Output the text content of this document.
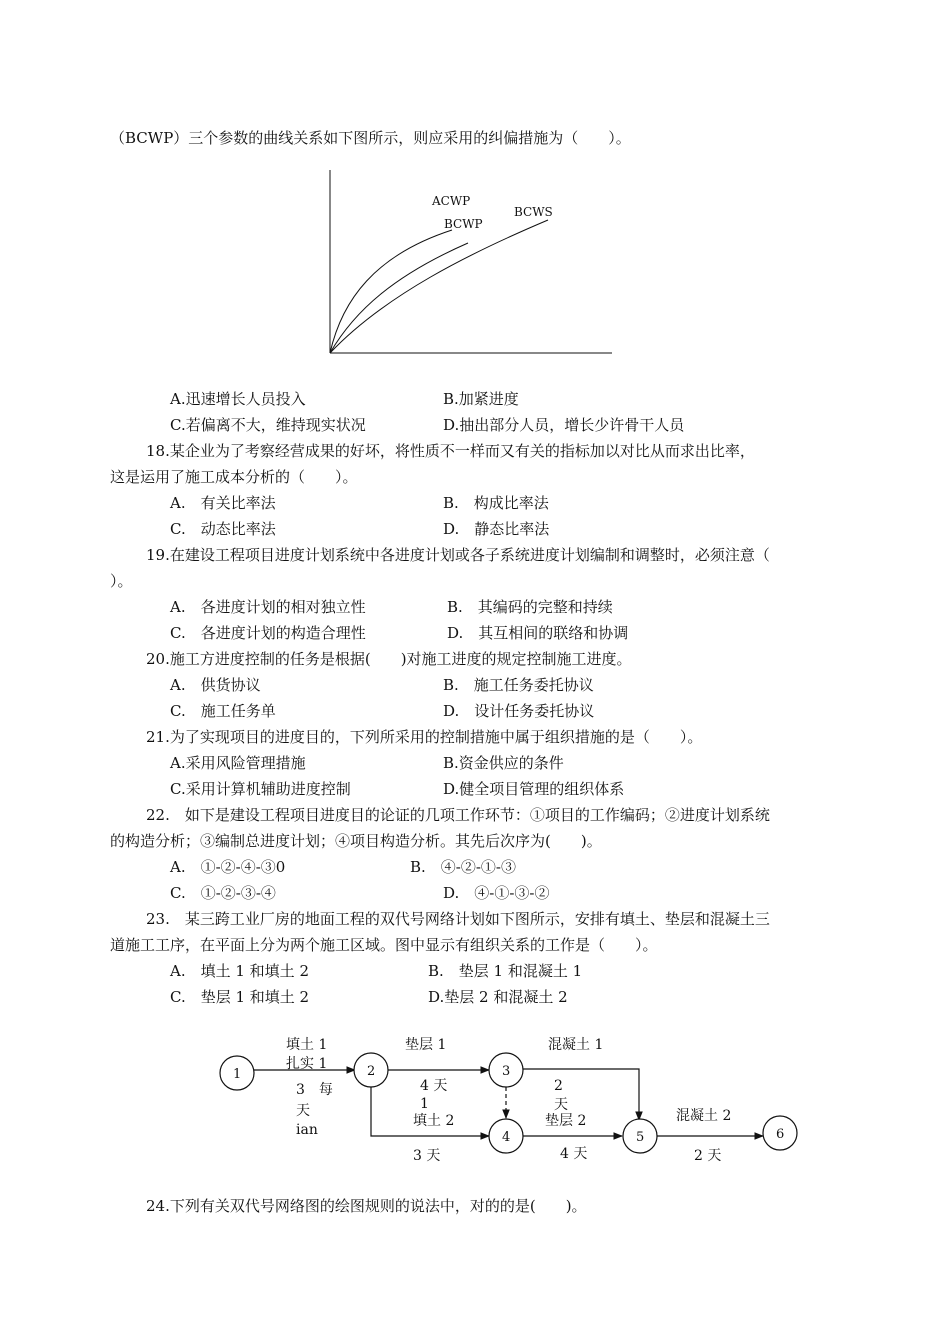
（BCWP）三个参数的曲线关系如下图所示，则应采用的纠偏措施为（　　）。
ACWP
BCWP
BCWS
A.迅速增长人员投入	B.加紧进度
C.若偏离不大，维持现实状况	D.抽出部分人员，增长少许骨干人员
18.某企业为了考察经营成果的好坏，将性质不一样而又有关的指标加以对比从而求出比率，
这是运用了施工成本分析的（　　）。
A.　有关比率法	B.　构成比率法
C.　动态比率法	D.　静态比率法
19.在建设工程项目进度计划系统中各进度计划或各子系统进度计划编制和调整时，必须注意（
）。
A.　各进度计划的相对独立性	B.　其编码的完整和持续
C.　各进度计划的构造合理性	D.　其互相间的联络和协调
20.施工方进度控制的任务是根据(　　)对施工进度的规定控制施工进度。
A.　供货协议	B.　施工任务委托协议
C.　施工任务单	D.　设计任务委托协议
21.为了实现项目的进度目的，下列所采用的控制措施中属于组织措施的是（　　）。
A.采用风险管理措施	B.资金供应的条件
C.采用计算机辅助进度控制	D.健全项目管理的组织体系
22.　如下是建设工程项目进度目的论证的几项工作环节：①项目的工作编码；②进度计划系统
的构造分析；③编制总进度计划；④项目构造分析。其先后次序为(　　)。
A.　①-②-④-③0	B.　④-②-①-③
C.　①-②-③-④	D.　④-①-③-②
23.　某三跨工业厂房的地面工程的双代号网络计划如下图所示，安排有填土、垫层和混凝土三
道施工工序，在平面上分为两个施工区域。图中显示有组织关系的工作是（　　）。
A.　填土 1 和填土 2	B.　垫层 1 和混凝土 1
C.　垫层 1 和填土 2	D.垫层 2 和混凝土 2
1	2	3
4	5	6
填土 1
扎实 1
3　每
天
ian
垫层 1
4 天
1
混凝土 1
2
天
填土 2
3 天
垫层 2
4 天
混凝土 2
2 天
24.下列有关双代号网络图的绘图规则的说法中，对的的是(　　)。
